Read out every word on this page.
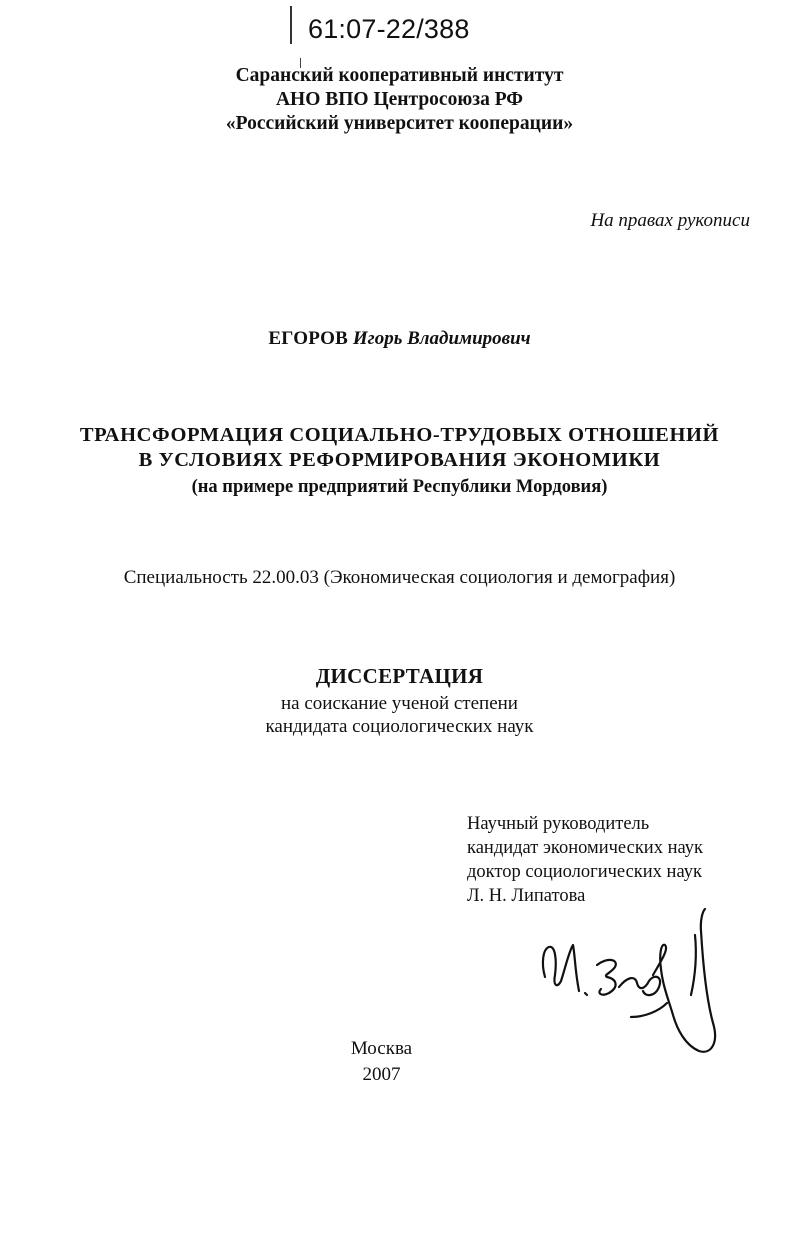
61:07-22/388
Саранский кооперативный институт
АНО ВПО Центросоюза РФ
«Российский университет кооперации»
На правах рукописи
ЕГОРОВ Игорь Владимирович
ТРАНСФОРМАЦИЯ СОЦИАЛЬНО-ТРУДОВЫХ ОТНОШЕНИЙ
В УСЛОВИЯХ РЕФОРМИРОВАНИЯ ЭКОНОМИКИ
(на примере предприятий Республики Мордовия)
Специальность 22.00.03 (Экономическая социология и демография)
ДИССЕРТАЦИЯ
на соискание ученой степени
кандидата социологических наук
Научный руководитель
кандидат экономических наук
доктор социологических наук
Л. Н. Липатова
Москва
2007
